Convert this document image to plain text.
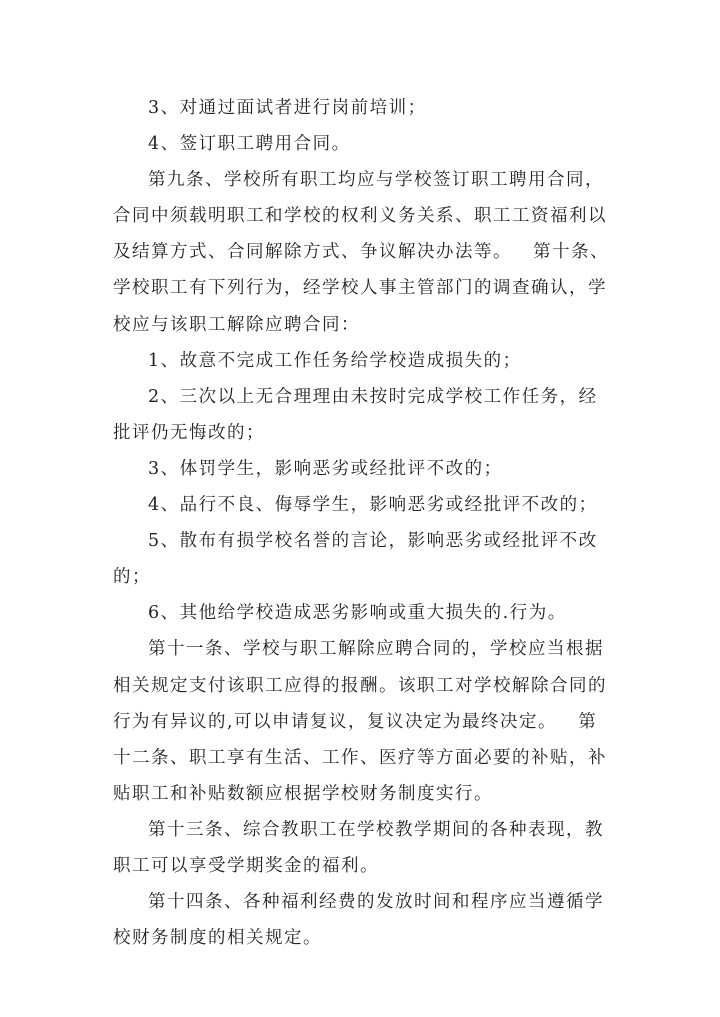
3、对通过面试者进行岗前培训；
4、签订职工聘用合同。
第九条、学校所有职工均应与学校签订职工聘用合同，
合同中须载明职工和学校的权利义务关系、职工工资福利以
及结算方式、合同解除方式、争议解决办法等。   第十条、
学校职工有下列行为，经学校人事主管部门的调查确认，学
校应与该职工解除应聘合同：
1、故意不完成工作任务给学校造成损失的；
2、三次以上无合理理由未按时完成学校工作任务，经
批评仍无悔改的；
3、体罚学生，影响恶劣或经批评不改的；
4、品行不良、侮辱学生，影响恶劣或经批评不改的；
5、散布有损学校名誉的言论，影响恶劣或经批评不改
的；
6、其他给学校造成恶劣影响或重大损失的.行为。
第十一条、学校与职工解除应聘合同的，学校应当根据
相关规定支付该职工应得的报酬。该职工对学校解除合同的
行为有异议的,可以申请复议，复议决定为最终决定。   第
十二条、职工享有生活、工作、医疗等方面必要的补贴，补
贴职工和补贴数额应根据学校财务制度实行。
第十三条、综合教职工在学校教学期间的各种表现，教
职工可以享受学期奖金的福利。
第十四条、各种福利经费的发放时间和程序应当遵循学
校财务制度的相关规定。
